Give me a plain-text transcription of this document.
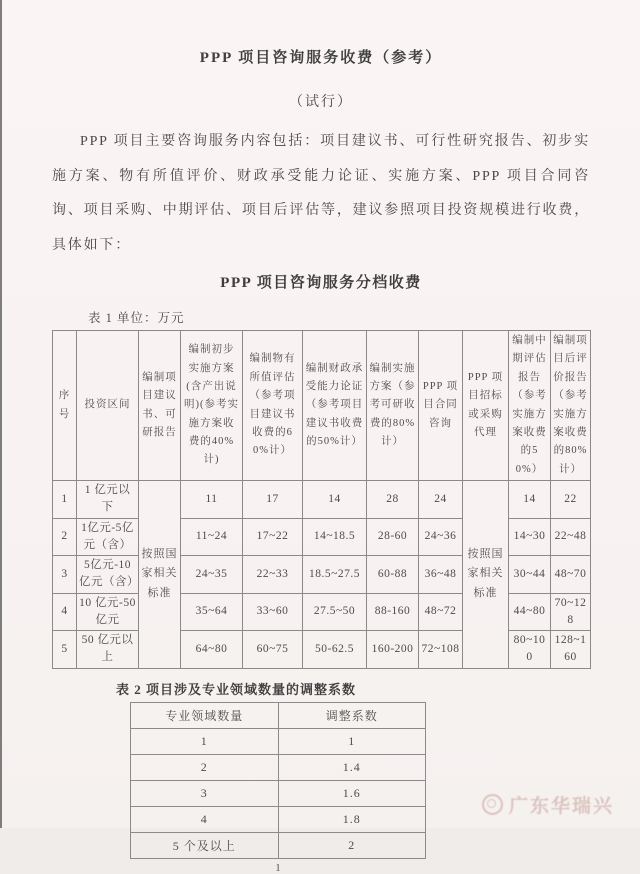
PPP 项目咨询服务收费（参考）
（试行）

PPP 项目主要咨询服务内容包括：项目建议书、可行性研究报告、初步实施方案、物有所值评价、财政承受能力论证、实施方案、PPP 项目合同咨询、项目采购、中期评估、项目后评估等，建议参照项目投资规模进行收费，具体如下：

PPP 项目咨询服务分档收费
表 1 单位：万元
序号	投资区间	编制项目建议书、可研报告	编制初步实施方案(含产出说明)(参考实施方案收费的40%计)	编制物有所值评估（参考项目建议书收费的60%计）	编制财政承受能力论证（参考项目建议书收费的50%计）	编制实施方案（参考可研收费的80%计）	PPP 项目合同咨询	PPP 项目招标或采购代理	编制中期评估报告（参考实施方案收费的50%）	编制项目后评价报告（参考实施方案收费的80%计）
1	1 亿元以下	按照国家相关标准	11	17	14	28	24	按照国家相关标准	14	22
2	1亿元-5亿元（含）		11~24	17~22	14~18.5	28-60	24~36		14~30	22~48
3	5亿元-10亿元（含）		24~35	22~33	18.5~27.5	60-88	36~48		30~44	48~70
4	10 亿元-50亿元		35~64	33~60	27.5~50	88-160	48~72		44~80	70~128
5	50 亿元以上		64~80	60~75	50-62.5	160-200	72~108		80~100	128~160
表 2 项目涉及专业领域数量的调整系数
专业领域数量	调整系数
1	1
2	1.4
3	1.6
4	1.8
5 个及以上	2
1
广东华瑞兴
